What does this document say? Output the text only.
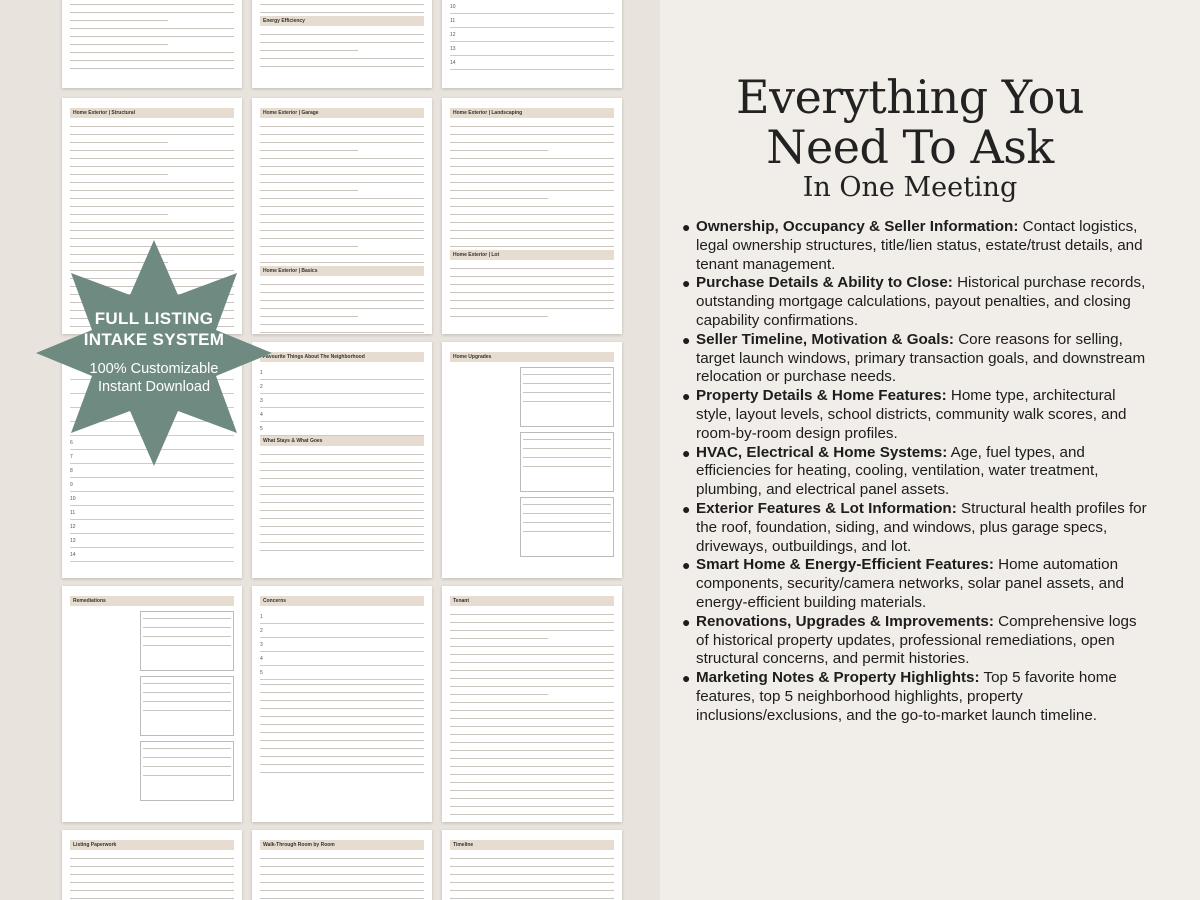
Energy Efficiency
10
11
12
13
14
Home Exterior | Structural	Home Exterior | Garage
Home Exterior | Basics
Home Exterior | Landscaping
Home Exterior | Lot
6
7
8
9
10
11
12
13
14
Favourite Things About The Neighborhood
1
2
3
4
5
What Stays & What Goes
Home Upgrades
Remediations	Concerns
1
2
3
4
5
Tenant
Listing Paperwork	Walk-Through Room by Room	Timeline
FULL LISTING
INTAKE SYSTEM
100% Customizable
Instant Download
Everything You
Need To Ask
In One Meeting
● Ownership, Occupancy & Seller Information: Contact logistics, legal ownership structures, title/lien status, estate/trust details, and tenant management.
● Purchase Details & Ability to Close: Historical purchase records, outstanding mortgage calculations, payout penalties, and closing capability confirmations.
● Seller Timeline, Motivation & Goals: Core reasons for selling, target launch windows, primary transaction goals, and downstream relocation or purchase needs.
● Property Details & Home Features: Home type, architectural style, layout levels, school districts, community walk scores, and room-by-room design profiles.
● HVAC, Electrical & Home Systems: Age, fuel types, and efficiencies for heating, cooling, ventilation, water treatment, plumbing, and electrical panel assets.
● Exterior Features & Lot Information: Structural health profiles for the roof, foundation, siding, and windows, plus garage specs, driveways, outbuildings, and lot.
● Smart Home & Energy-Efficient Features: Home automation components, security/camera networks, solar panel assets, and energy-efficient building materials.
● Renovations, Upgrades & Improvements: Comprehensive logs of historical property updates, professional remediations, open structural concerns, and permit histories.
● Marketing Notes & Property Highlights: Top 5 favorite home features, top 5 neighborhood highlights, property inclusions/exclusions, and the go-to-market launch timeline.
